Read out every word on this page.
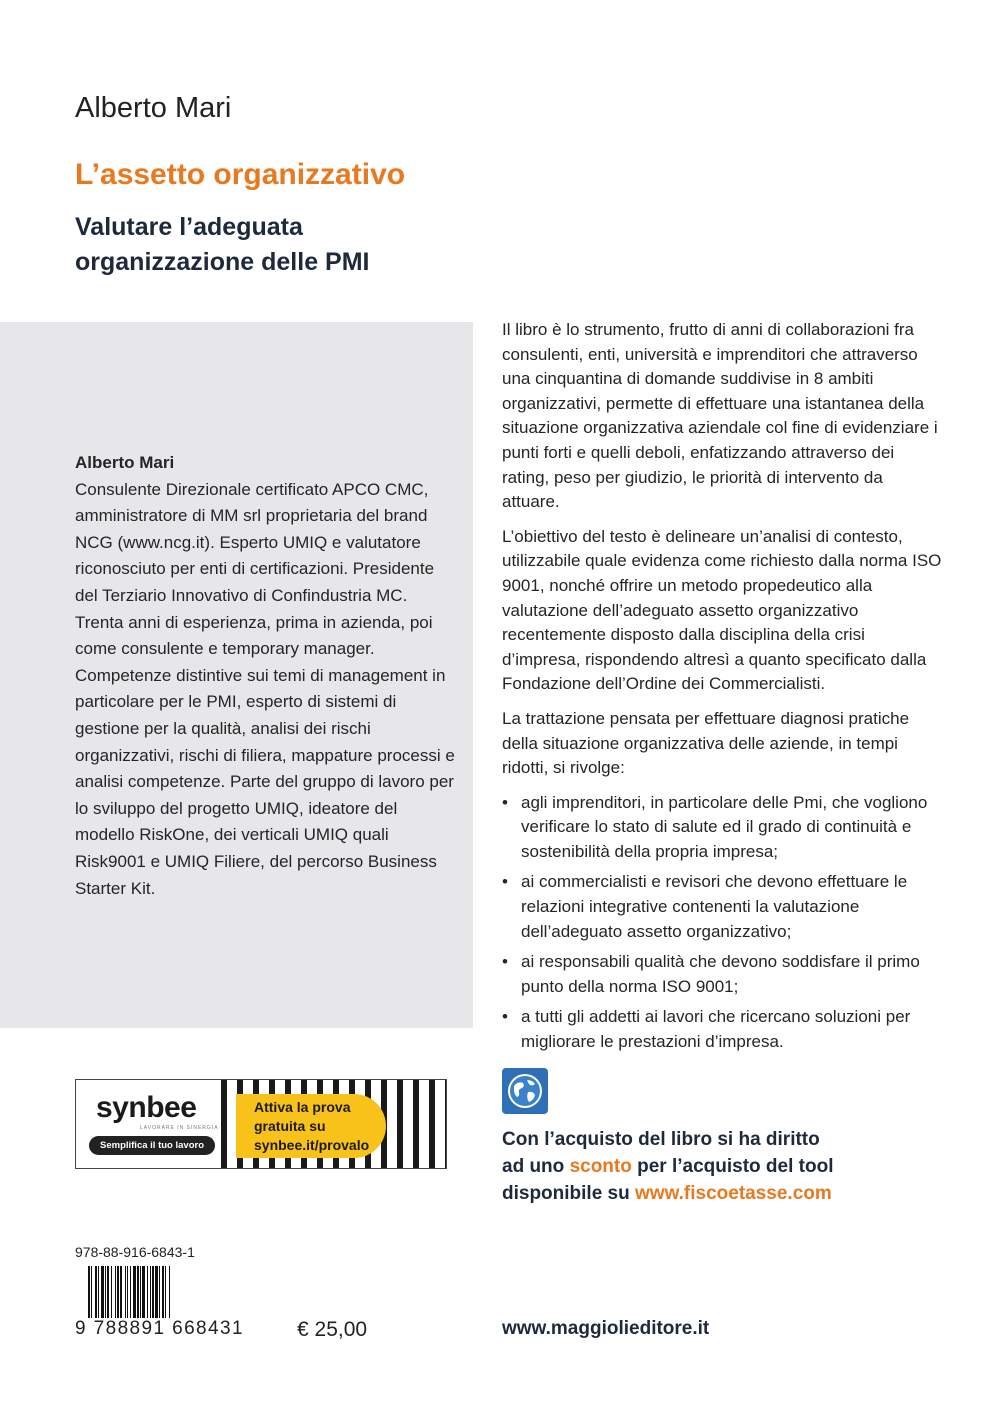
Alberto Mari
L’assetto organizzativo
Valutare l’adeguata
organizzazione delle PMI
Alberto Mari
Consulente Direzionale certificato APCO CMC, amministratore di MM srl proprietaria del brand NCG (www.ncg.it). Esperto UMIQ e valutatore riconosciuto per enti di certificazioni. Presidente del Terziario Innovativo di Confindustria MC. Trenta anni di esperienza, prima in azienda, poi come consulente e temporary manager. Competenze distintive sui temi di management in particolare per le PMI, esperto di sistemi di gestione per la qualità, analisi dei rischi organizzativi, rischi di filiera, mappature processi e analisi competenze. Parte del gruppo di lavoro per lo sviluppo del progetto UMIQ, ideatore del modello RiskOne, dei verticali UMIQ quali Risk9001 e UMIQ Filiere, del percorso Business Starter Kit.

Il libro è lo strumento, frutto di anni di collaborazioni fra consulenti, enti, università e imprenditori che attraverso una cinquantina di domande suddivise in 8 ambiti organizzativi, permette di effettuare una istantanea della situazione organizzativa aziendale col fine di evidenziare i punti forti e quelli deboli, enfatizzando attraverso dei rating, peso per giudizio, le priorità di intervento da attuare.

L’obiettivo del testo è delineare un’analisi di contesto, utilizzabile quale evidenza come richiesto dalla norma ISO 9001, nonché offrire un metodo propedeutico alla valutazione dell’adeguato assetto organizzativo recentemente disposto dalla disciplina della crisi d’impresa, rispondendo altresì a quanto specificato dalla Fondazione dell’Ordine dei Commercialisti.

La trattazione pensata per effettuare diagnosi pratiche della situazione organizzativa delle aziende, in tempi ridotti, si rivolge:

• agli imprenditori, in particolare delle Pmi, che vogliono verificare lo stato di salute ed il grado di continuità e sostenibilità della propria impresa;
• ai commercialisti e revisori che devono effettuare le relazioni integrative contenenti la valutazione dell’adeguato assetto organizzativo;
• ai responsabili qualità che devono soddisfare il primo punto della norma ISO 9001;
• a tutti gli addetti ai lavori che ricercano soluzioni per migliorare le prestazioni d’impresa.
synbee
LAVORARE IN SINERGIA
Semplifica il tuo lavoro
Attiva la prova gratuita su synbee.it/provalo	Con l’acquisto del libro si ha diritto
ad uno sconto per l’acquisto del tool
disponibile su www.fiscoetasse.com
978-88-916-6843-1
9 788891 668431	€ 25,00	www.maggiolieditore.it
